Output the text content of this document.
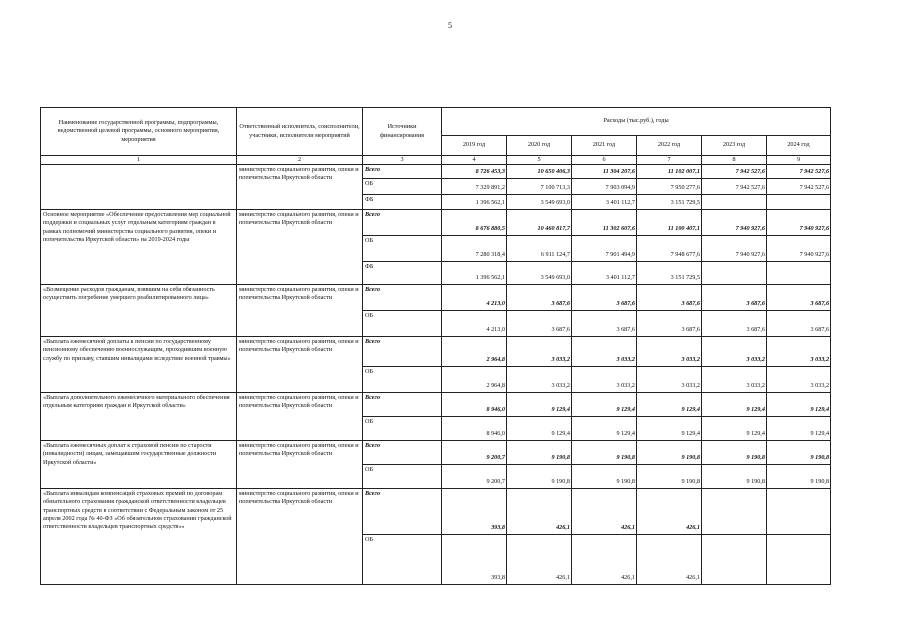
5
Наименование государственной программы, подпрограммы, ведомственной целевой программы, основного мероприятия, мероприятия	Ответственный исполнитель, соисполнители, участники, исполнители мероприятий	Источники финансирования	Расходы (тыс.руб.), годы					
			2019 год	2020 год	2021 год	2022 год	2023 год	2024 год
1	2	3	4	5	6	7	8	9
	министерство социального развития, опеки и попечительства Иркутской области	Всего	8 726 453,3	10 650 406,3	11 304 207,6	11 102 007,1	7 942 527,6	7 942 527,6
		ОБ	7 329 891,2	7 100 713,3	7 903 094,9	7 950 277,6	7 942 527,6	7 942 527,6
		ФБ	1 396 562,1	3 549 693,0	3 401 112,7	3 151 729,5		
Основное мероприятие «Обеспечение предоставления мер социальной поддержки и социальных услуг отдельным категориям граждан в рамках полномочий министерства социального развития, опеки и попечительства Иркутской области» на 2019-2024 годы	министерство социального развития, опеки и попечительства Иркутской области	Всего	8 676 880,5	10 460 817,7	11 302 607,6	11 100 407,1	7 940 927,6	7 940 927,6
		ОБ	7 280 318,4	6 911 124,7	7 901 494,9	7 948 677,6	7 940 927,6	7 940 927,6
		ФБ	1 396 562,1	3 549 693,0	3 401 112,7	3 151 729,5		
«Возмещение расходов гражданам, взявшим на себя обязанность осуществить погребение умершего реабилитированного лица»	министерство социального развития, опеки и попечительства Иркутской области	Всего	4 213,0	3 687,6	3 687,6	3 687,6	3 687,6	3 687,6
		ОБ	4 213,0	3 687,6	3 687,6	3 687,6	3 687,6	3 687,6
«Выплата ежемесячной доплаты к пенсии по государственному пенсионному обеспечению военнослужащим, проходившим военную службу по призыву, ставшим инвалидами вследствие военной травмы»	министерство социального развития, опеки и попечительства Иркутской области	Всего	2 964,8	3 033,2	3 033,2	3 033,2	3 033,2	3 033,2
		ОБ	2 964,8	3 033,2	3 033,2	3 033,2	3 033,2	3 033,2
«Выплата дополнительного ежемесячного материального обеспечения отдельным категориям граждан в Иркутской области»	министерство социального развития, опеки и попечительства Иркутской области	Всего	8 946,0	9 129,4	9 129,4	9 129,4	9 129,4	9 129,4
		ОБ	8 946,0	9 129,4	9 129,4	9 129,4	9 129,4	9 129,4
«Выплата ежемесячных доплат к страховой пенсии по старости (инвалидности) лицам, замещавшим государственные должности Иркутской области»	министерство социального развития, опеки и попечительства Иркутской области	Всего	9 200,7	9 190,8	9 190,8	9 190,8	9 190,8	9 190,8
		ОБ	9 200,7	9 190,8	9 190,8	9 190,8	9 190,8	9 190,8
«Выплата инвалидам компенсаций страховых премий по договорам обязательного страхования гражданской ответственности владельцев транспортных средств в соответствии с Федеральным законом от 25 апреля 2002 года № 40-ФЗ «Об обязательном страховании гражданской ответственности владельцев транспортных средств»»	министерство социального развития, опеки и попечительства Иркутской области	Всего	393,8	426,1	426,1	426,1		
		ОБ	393,8	426,1	426,1	426,1		
